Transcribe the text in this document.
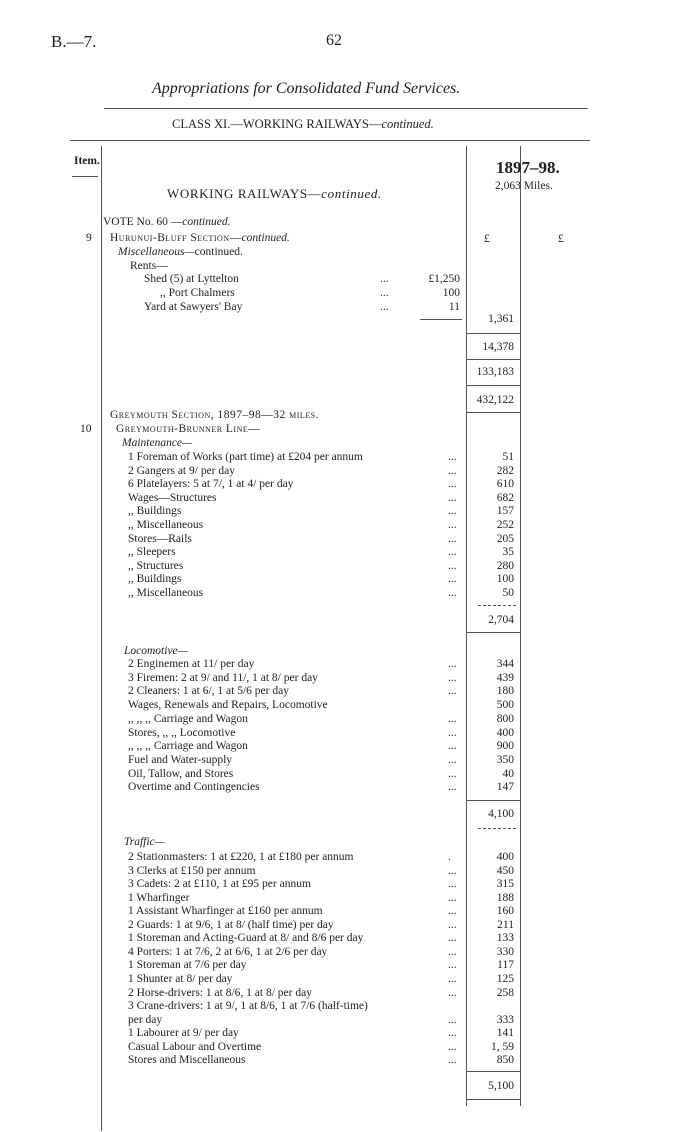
B.—7.	62
Appropriations for Consolidated Fund Services.
CLASS XI.—WORKING RAILWAYS—continued.
Item.	1897–98.
2,063 Miles.
WORKING RAILWAYS—continued.
VOTE No. 60 —continued.
9 Hurunui-Bluff Section—continued.	£	£
Miscellaneous—continued.
Rents—
Shed (5) at Lyttelton	...	£1,250
,, Port Chalmers	...	100
Yard at Sawyers' Bay	...	11
1,361
14,378
133,183
432,122
Greymouth Section, 1897–98—32 miles.
10 Greymouth-Brunner Line—
Maintenance—
1 Foreman of Works (part time) at £204 per annum	...	51
2 Gangers at 9/ per day	...	282
6 Platelayers: 5 at 7/, 1 at 4/ per day	...	610
Wages—Structures	...	682
,, Buildings	...	157
,, Miscellaneous	...	252
Stores—Rails	...	205
,, Sleepers	...	35
,, Structures	...	280
,, Buildings	...	100
,, Miscellaneous	...	50
2,704
Locomotive—
2 Enginemen at 11/ per day	...	344
3 Firemen: 2 at 9/ and 11/, 1 at 8/ per day	...	439
2 Cleaners: 1 at 6/, 1 at 5/6 per day	...	180
Wages, Renewals and Repairs, Locomotive	500
,, ,, ,, Carriage and Wagon	...	800
Stores, ,, ,, Locomotive	...	400
,, ,, ,, Carriage and Wagon	...	900
Fuel and Water-supply	...	350
Oil, Tallow, and Stores	...	40
Overtime and Contingencies	...	147
4,100
Traffic—
2 Stationmasters: 1 at £220, 1 at £180 per annum	.	400
3 Clerks at £150 per annum	...	450
3 Cadets: 2 at £110, 1 at £95 per annum	...	315
1 Wharfinger	...	188
1 Assistant Wharfinger at £160 per annum	...	160
2 Guards: 1 at 9/6, 1 at 8/ (half time) per day	...	211
1 Storeman and Acting-Guard at 8/ and 8/6 per day	...	133
4 Porters: 1 at 7/6, 2 at 6/6, 1 at 2/6 per day	...	330
1 Storeman at 7/6 per day	...	117
1 Shunter at 8/ per day	...	125
2 Horse-drivers: 1 at 8/6, 1 at 8/ per day	...	258
3 Crane-drivers: 1 at 9/, 1 at 8/6, 1 at 7/6 (half-time)
per day	...	333
1 Labourer at 9/ per day	...	141
Casual Labour and Overtime	...	1, 59
Stores and Miscellaneous	...	850
5,100
